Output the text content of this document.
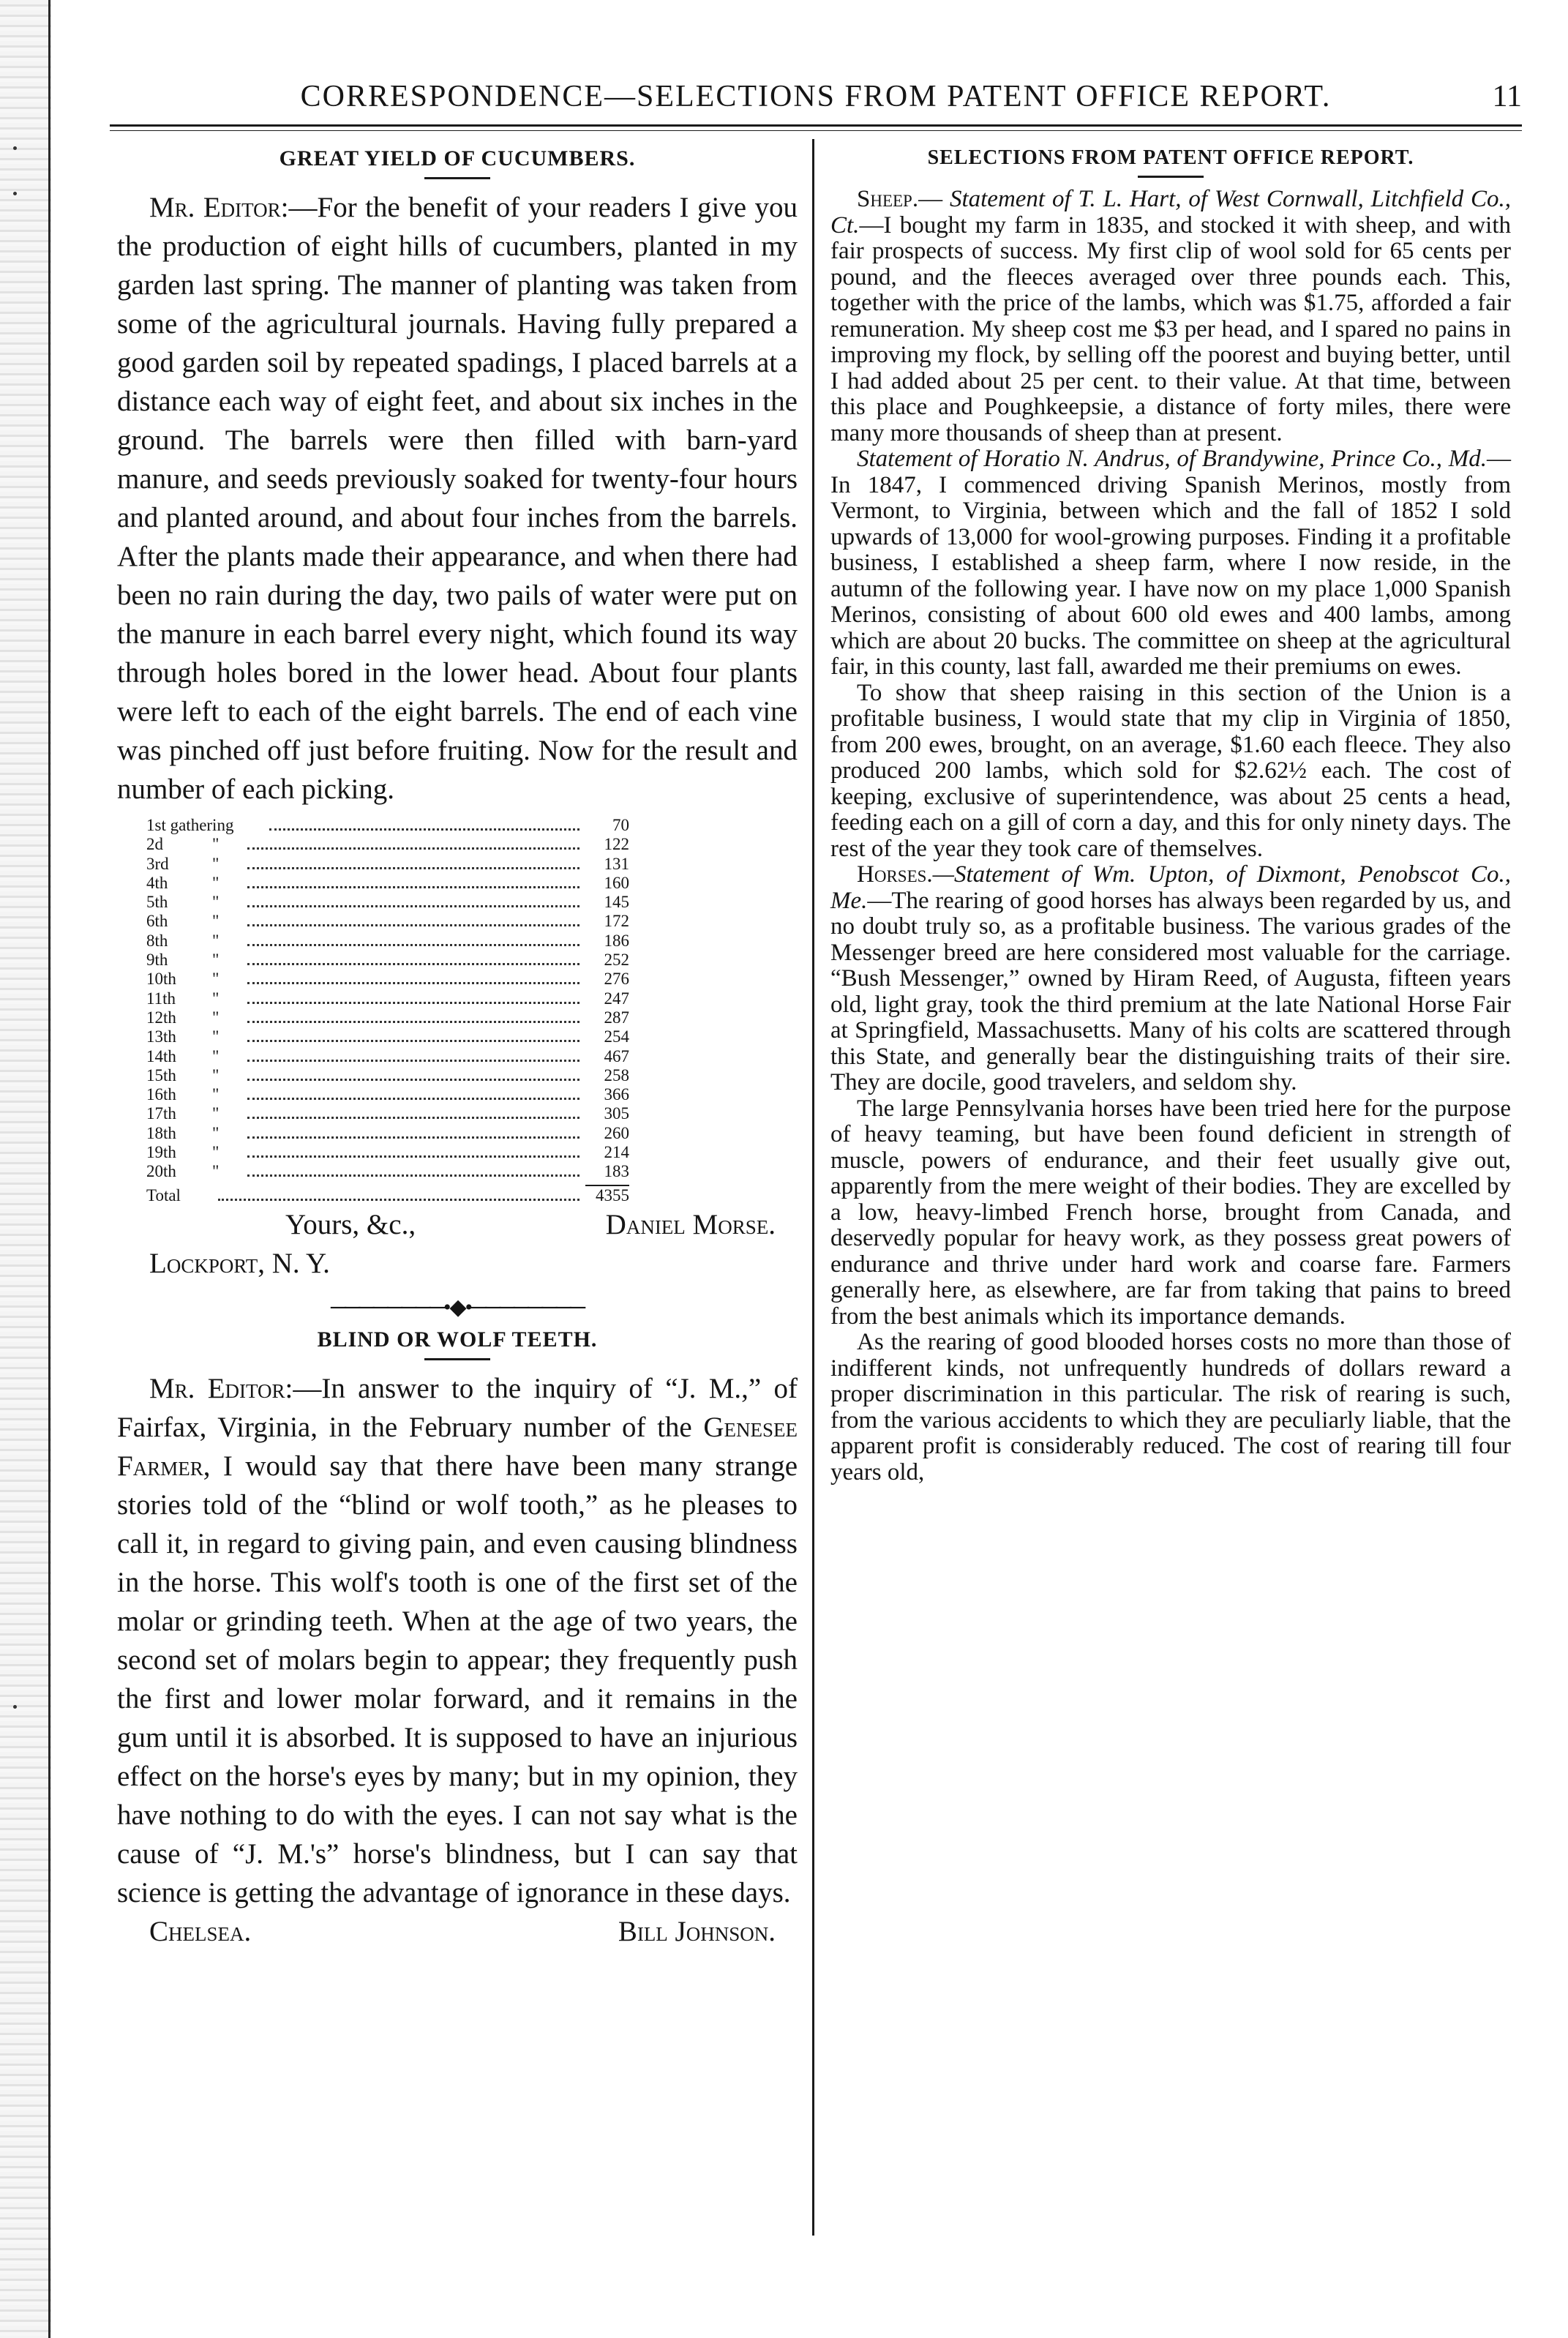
CORRESPONDENCE—SELECTIONS FROM PATENT OFFICE REPORT.	11
GREAT YIELD OF CUCUMBERS.

Mr. Editor:—For the benefit of your readers I give you the production of eight hills of cucumbers, planted in my garden last spring. The manner of planting was taken from some of the agricultural journals. Having fully prepared a good garden soil by repeated spadings, I placed barrels at a distance each way of eight feet, and about six inches in the ground. The barrels were then filled with barn-yard manure, and seeds previously soaked for twenty-four hours and planted around, and about four inches from the barrels. After the plants made their appearance, and when there had been no rain during the day, two pails of water were put on the manure in each barrel every night, which found its way through holes bored in the lower head. About four plants were left to each of the eight barrels. The end of each vine was pinched off just before fruiting. Now for the result and number of each picking.

1st gathering	70
2d	"	122
3rd	"	131
4th	"	160
5th	"	145
6th	"	172
8th	"	186
9th	"	252
10th	"	276
11th	"	247
12th	"	287
13th	"	254
14th	"	467
15th	"	258
16th	"	366
17th	"	305
18th	"	260
19th	"	214
20th	"	183
Total	4355
Yours, &c.,	Daniel Morse.
Lockport, N. Y.
────────•◆•────────
BLIND OR WOLF TEETH.

Mr. Editor:—In answer to the inquiry of “J. M.,” of Fairfax, Virginia, in the February number of the Genesee Farmer, I would say that there have been many strange stories told of the “blind or wolf tooth,” as he pleases to call it, in regard to giving pain, and even causing blindness in the horse. This wolf's tooth is one of the first set of the molar or grinding teeth. When at the age of two years, the second set of molars begin to appear; they frequently push the first and lower molar forward, and it remains in the gum until it is absorbed. It is supposed to have an injurious effect on the horse's eyes by many; but in my opinion, they have nothing to do with the eyes. I can not say what is the cause of “J. M.'s” horse's blindness, but I can say that science is getting the advantage of ignorance in these days.

Chelsea.	Bill Johnson.
SELECTIONS FROM PATENT OFFICE REPORT.

Sheep.— Statement of T. L. Hart, of West Cornwall, Litchfield Co., Ct.—I bought my farm in 1835, and stocked it with sheep, and with fair prospects of success. My first clip of wool sold for 65 cents per pound, and the fleeces averaged over three pounds each. This, together with the price of the lambs, which was $1.75, afforded a fair remuneration. My sheep cost me $3 per head, and I spared no pains in improving my flock, by selling off the poorest and buying better, until I had added about 25 per cent. to their value. At that time, between this place and Poughkeepsie, a distance of forty miles, there were many more thousands of sheep than at present.

Statement of Horatio N. Andrus, of Brandywine, Prince Co., Md.—In 1847, I commenced driving Spanish Merinos, mostly from Vermont, to Virginia, between which and the fall of 1852 I sold upwards of 13,000 for wool-growing purposes. Finding it a profitable business, I established a sheep farm, where I now reside, in the autumn of the following year. I have now on my place 1,000 Spanish Merinos, consisting of about 600 old ewes and 400 lambs, among which are about 20 bucks. The committee on sheep at the agricultural fair, in this county, last fall, awarded me their premiums on ewes.

To show that sheep raising in this section of the Union is a profitable business, I would state that my clip in Virginia of 1850, from 200 ewes, brought, on an average, $1.60 each fleece. They also produced 200 lambs, which sold for $2.62½ each. The cost of keeping, exclusive of superintendence, was about 25 cents a head, feeding each on a gill of corn a day, and this for only ninety days. The rest of the year they took care of themselves.

Horses.—Statement of Wm. Upton, of Dixmont, Penobscot Co., Me.—The rearing of good horses has always been regarded by us, and no doubt truly so, as a profitable business. The various grades of the Messenger breed are here considered most valuable for the carriage. “Bush Messenger,” owned by Hiram Reed, of Augusta, fifteen years old, light gray, took the third premium at the late National Horse Fair at Springfield, Massachusetts. Many of his colts are scattered through this State, and generally bear the distinguishing traits of their sire. They are docile, good travelers, and seldom shy.

The large Pennsylvania horses have been tried here for the purpose of heavy teaming, but have been found deficient in strength of muscle, powers of endurance, and their feet usually give out, apparently from the mere weight of their bodies. They are excelled by a low, heavy-limbed French horse, brought from Canada, and deservedly popular for heavy work, as they possess great powers of endurance and thrive under hard work and coarse fare. Farmers generally here, as elsewhere, are far from taking that pains to breed from the best animals which its importance demands.

As the rearing of good blooded horses costs no more than those of indifferent kinds, not unfrequently hundreds of dollars reward a proper discrimination in this particular. The risk of rearing is such, from the various accidents to which they are peculiarly liable, that the apparent profit is considerably reduced. The cost of rearing till four years old,
